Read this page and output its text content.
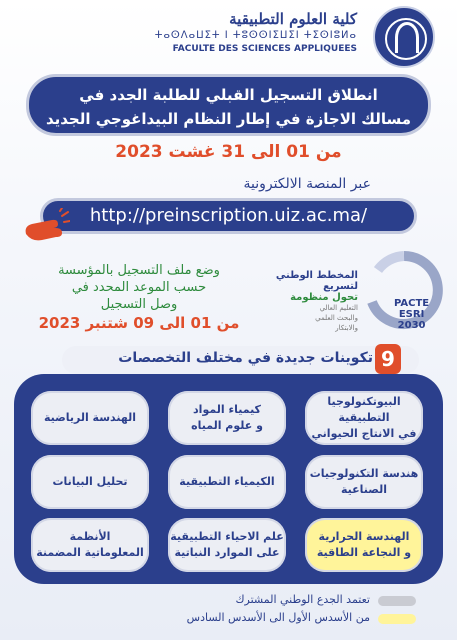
كلية العلوم التطبيقية
ⵜⴰⵙⴷⴰⵡⵉⵜ ⵏ ⵜⵓⵙⵙⵏⵉⵡⵉⵏ ⵜⵉⵙⵏⵓⵍⴰ
FACULTE DES SCIENCES APPLIQUEES
انطلاق التسجيل القبلي للطلبة الجدد في
مسالك الاجازة في إطار النظام البيداغوجي الجديد
من 01 الى 31 غشت 2023
عبر المنصة الالكترونية
http://preinscription.uiz.ac.ma/
وضع ملف التسجيل بالمؤسسة
حسب الموعد المحدد في
وصل التسجيل
من 01 الى 09 شتنبر 2023
المخطط الوطني لتسريع
تحول منظومة
التعليم العالي
والبحث العلمي
والابتكار
PACTE
ESRI
2030
تكوينات جديدة في مختلف التخصصات 9
البيوتكنولوجيا التطبيقية
في الانتاج الحيواني
كيمياء المواد
و علوم المياه
الهندسة الرياضية
هندسة التكنولوجيات
الصناعية
الكيمياء التطبيقية
تحليل البيانات
الهندسة الحرارية
و النجاعة الطاقية
علم الاحياء التطبيقية
على الموارد النباتية
الأنظمة
المعلوماتية المضمنة
تعتمد الجدع الوطني المشترك
من الأسدس الأول الى الأسدس السادس
